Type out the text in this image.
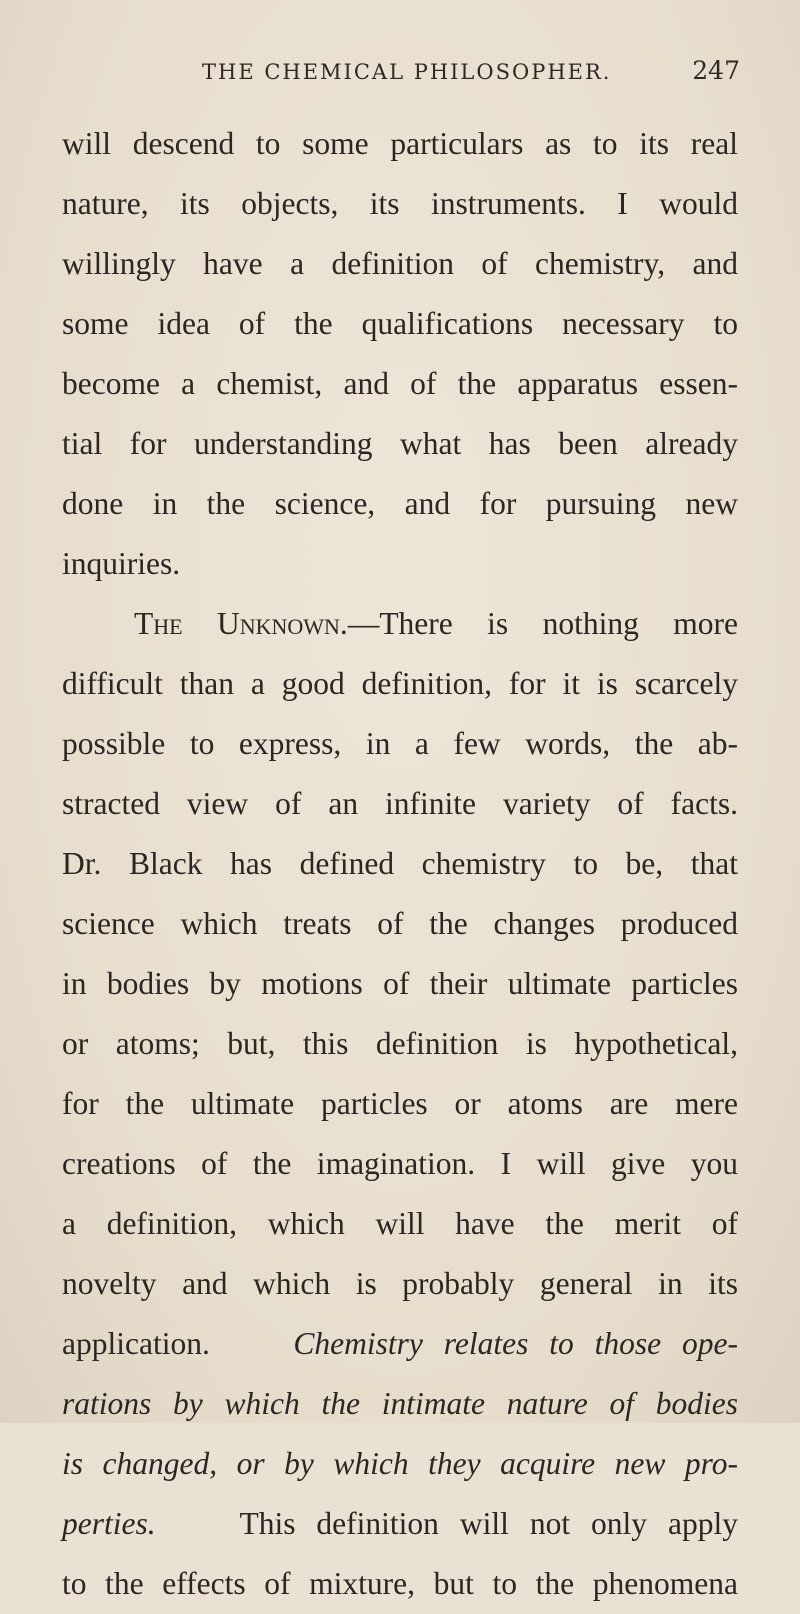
THE CHEMICAL PHILOSOPHER.	247
will descend to some particulars as to its real
nature, its objects, its instruments. I would
willingly have a definition of chemistry, and
some idea of the qualifications necessary to
become a chemist, and of the apparatus essen-
tial for understanding what has been already
done in the science, and for pursuing new
inquiries.
The Unknown.—There is nothing more
difficult than a good definition, for it is scarcely
possible to express, in a few words, the ab-
stracted view of an infinite variety of facts.
Dr. Black has defined chemistry to be, that
science which treats of the changes produced
in bodies by motions of their ultimate particles
or atoms; but, this definition is hypothetical,
for the ultimate particles or atoms are mere
creations of the imagination. I will give you
a definition, which will have the merit of
novelty and which is probably general in its
application.	Chemistry relates to those ope-
rations by which the intimate nature of bodies
is changed, or by which they acquire new pro-
perties.	This definition will not only apply
to the effects of mixture, but to the phenomena
